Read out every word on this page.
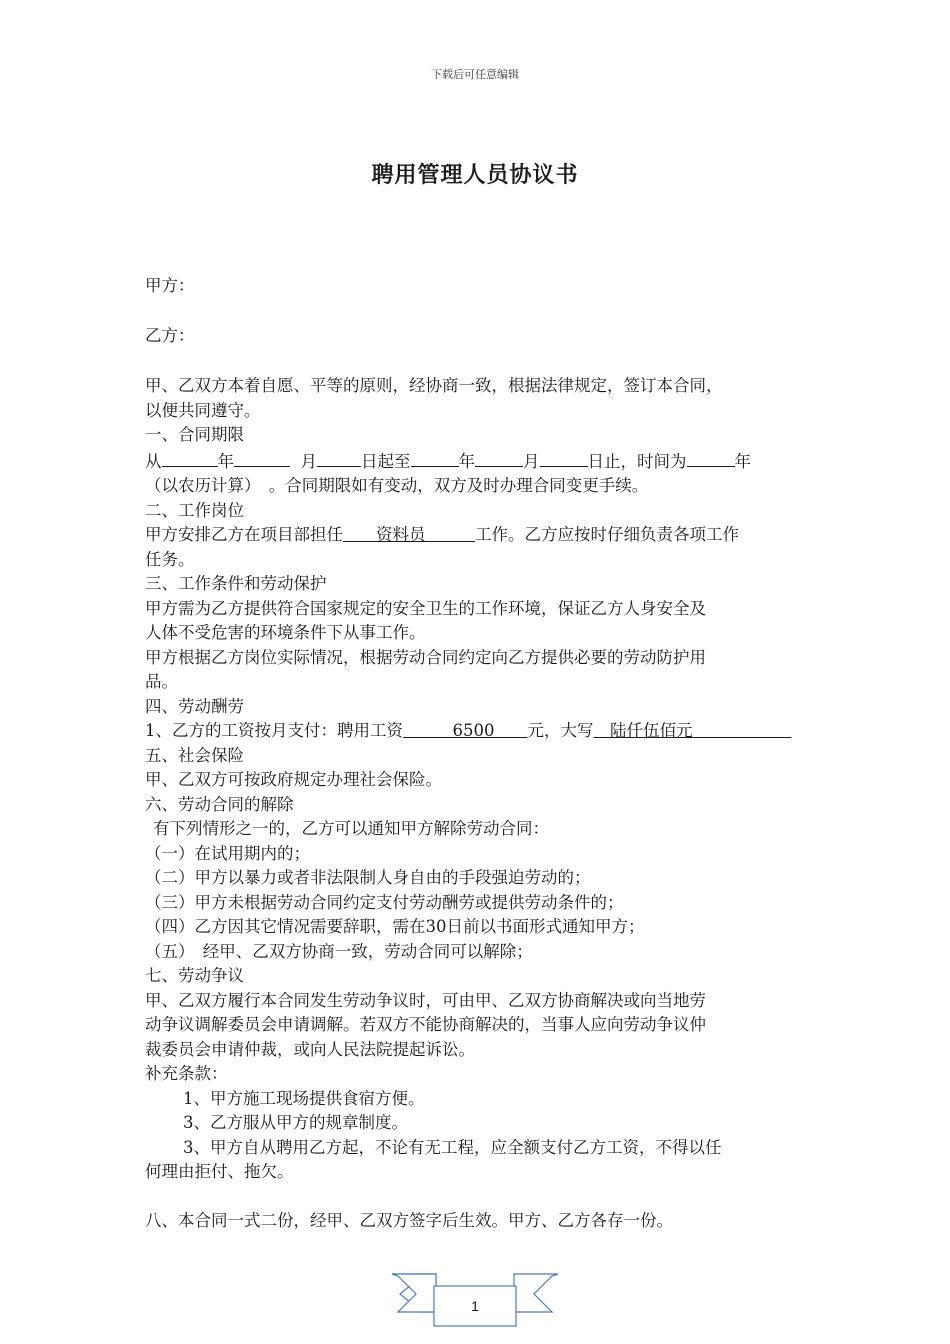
下载后可任意编辑
聘用管理人员协议书
甲方：
乙方：
甲、乙双方本着自愿、平等的原则，经协商一致，根据法律规定，签订本合同，
以便共同遵守。
一、合同期限
从	年	月	日起至	年	月	日止，时间为	年
（以农历计算）　。合同期限如有变动，双方及时办理合同变更手续。
二、工作岗位
甲方安排乙方在项目部担任　　资料员　　　工作。乙方应按时仔细负责各项工作
任务。
三、工作条件和劳动保护
甲方需为乙方提供符合国家规定的安全卫生的工作环境，保证乙方人身安全及
人体不受危害的环境条件下从事工作。
甲方根据乙方岗位实际情况，根据劳动合同约定向乙方提供必要的劳动防护用
品。
四、劳动酬劳
1、乙方的工资按月支付：聘用工资　　　6500　　元，大写　陆仟伍佰元　　　　　　
五、社会保险
甲、乙双方可按政府规定办理社会保险。
六、劳动合同的解除
有下列情形之一的，乙方可以通知甲方解除劳动合同：
（一）在试用期内的；
（二）甲方以暴力或者非法限制人身自由的手段强迫劳动的；
（三）甲方未根据劳动合同约定支付劳动酬劳或提供劳动条件的；
（四）乙方因其它情况需要辞职，需在30日前以书面形式通知甲方；
（五）　经甲、乙双方协商一致，劳动合同可以解除；
七、劳动争议
甲、乙双方履行本合同发生劳动争议时，可由甲、乙双方协商解决或向当地劳
动争议调解委员会申请调解。若双方不能协商解决的，当事人应向劳动争议仲
裁委员会申请仲裁，或向人民法院提起诉讼。
补充条款：
1、甲方施工现场提供食宿方便。
3、乙方服从甲方的规章制度。
3、甲方自从聘用乙方起，不论有无工程，应全额支付乙方工资，不得以任
何理由拒付、拖欠。
八、本合同一式二份，经甲、乙双方签字后生效。甲方、乙方各存一份。
1
